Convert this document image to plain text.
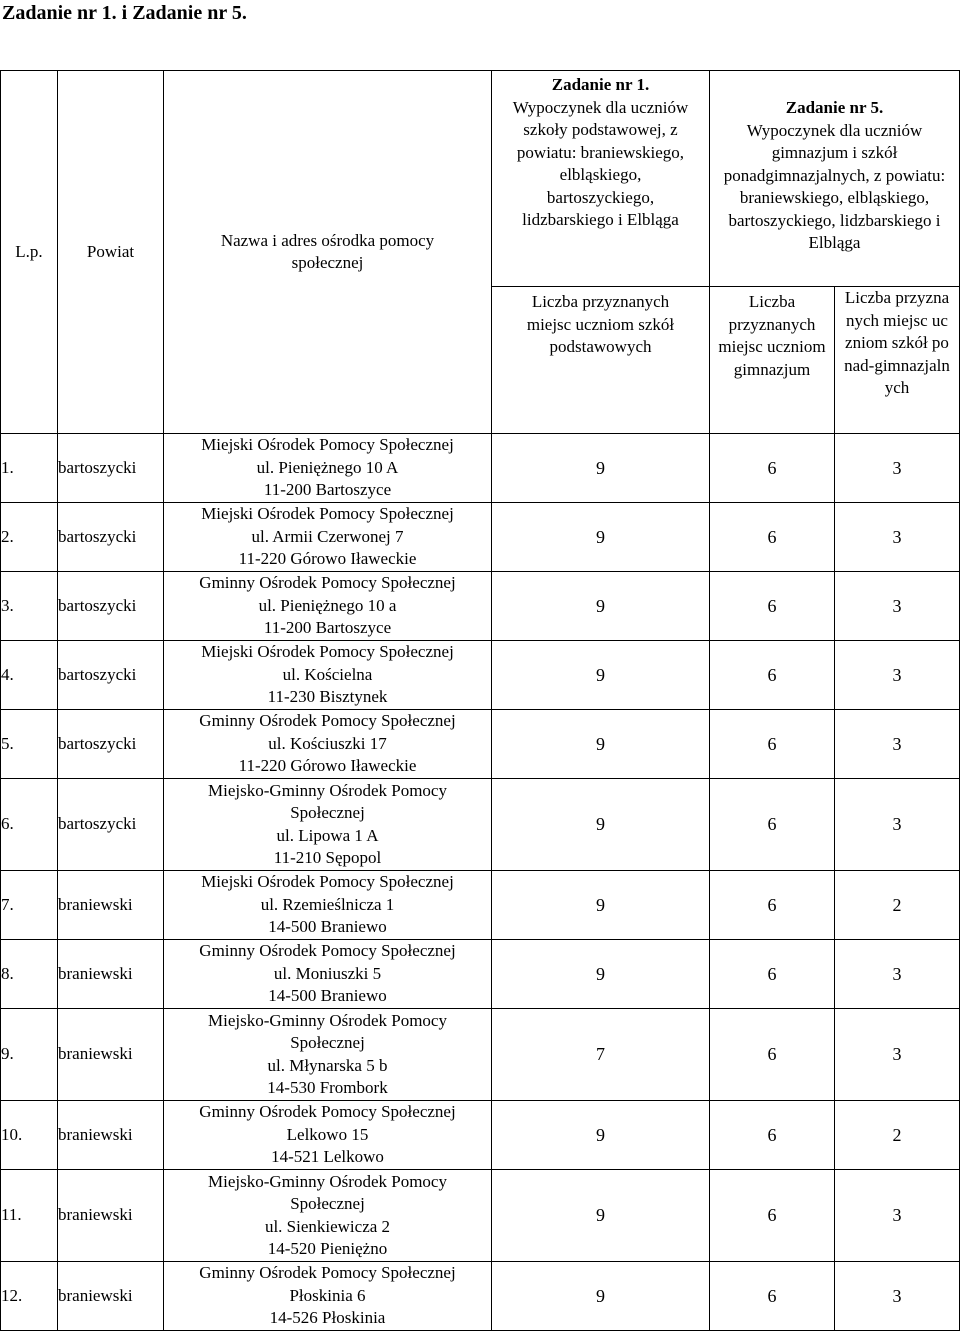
Zadanie nr 1. i Zadanie nr 5.
L.p.	Powiat	Nazwa i adres ośrodka pomocy społecznej	Zadanie nr 1.
Wypoczynek dla uczniów szkoły podstawowej, z powiatu: braniewskiego, elbląskiego, bartoszyckiego, lidzbarskiego i Elbląga	Zadanie nr 5.
Wypoczynek dla uczniów gimnazjum i szkół ponadgimnazjalnych, z powiatu: braniewskiego, elbląskiego, bartoszyckiego, lidzbarskiego i Elbląga	
			Liczba przyznanych miejsc uczniom szkół podstawowych	Liczba przyznanych miejsc uczniom gimnazjum	Liczba przyznanych miejsc uczniom szkół ponad-gimnazjalnych
1.	bartoszycki	Miejski Ośrodek Pomocy Społecznej
ul. Pieniężnego 10 A
11-200 Bartoszyce	9	6	3
2.	bartoszycki	Miejski Ośrodek Pomocy Społecznej
ul. Armii Czerwonej 7
11-220 Górowo Iławeckie	9	6	3
3.	bartoszycki	Gminny Ośrodek Pomocy Społecznej
ul. Pieniężnego 10 a
11-200 Bartoszyce	9	6	3
4.	bartoszycki	Miejski Ośrodek Pomocy Społecznej
ul. Kościelna
11-230 Bisztynek	9	6	3
5.	bartoszycki	Gminny Ośrodek Pomocy Społecznej
ul. Kościuszki 17
11-220 Górowo Iławeckie	9	6	3
6.	bartoszycki	Miejsko-Gminny Ośrodek Pomocy Społecznej
ul. Lipowa 1 A
11-210 Sępopol	9	6	3
7.	braniewski	Miejski Ośrodek Pomocy Społecznej
ul. Rzemieślnicza 1
14-500 Braniewo	9	6	2
8.	braniewski	Gminny Ośrodek Pomocy Społecznej
ul. Moniuszki 5
14-500 Braniewo	9	6	3
9.	braniewski	Miejsko-Gminny Ośrodek Pomocy Społecznej
ul. Młynarska 5 b
14-530 Frombork	7	6	3
10.	braniewski	Gminny Ośrodek Pomocy Społecznej
Lelkowo 15
14-521 Lelkowo	9	6	2
11.	braniewski	Miejsko-Gminny Ośrodek Pomocy Społecznej
ul. Sienkiewicza 2
14-520 Pieniężno	9	6	3
12.	braniewski	Gminny Ośrodek Pomocy Społecznej
Płoskinia 6
14-526 Płoskinia	9	6	3
